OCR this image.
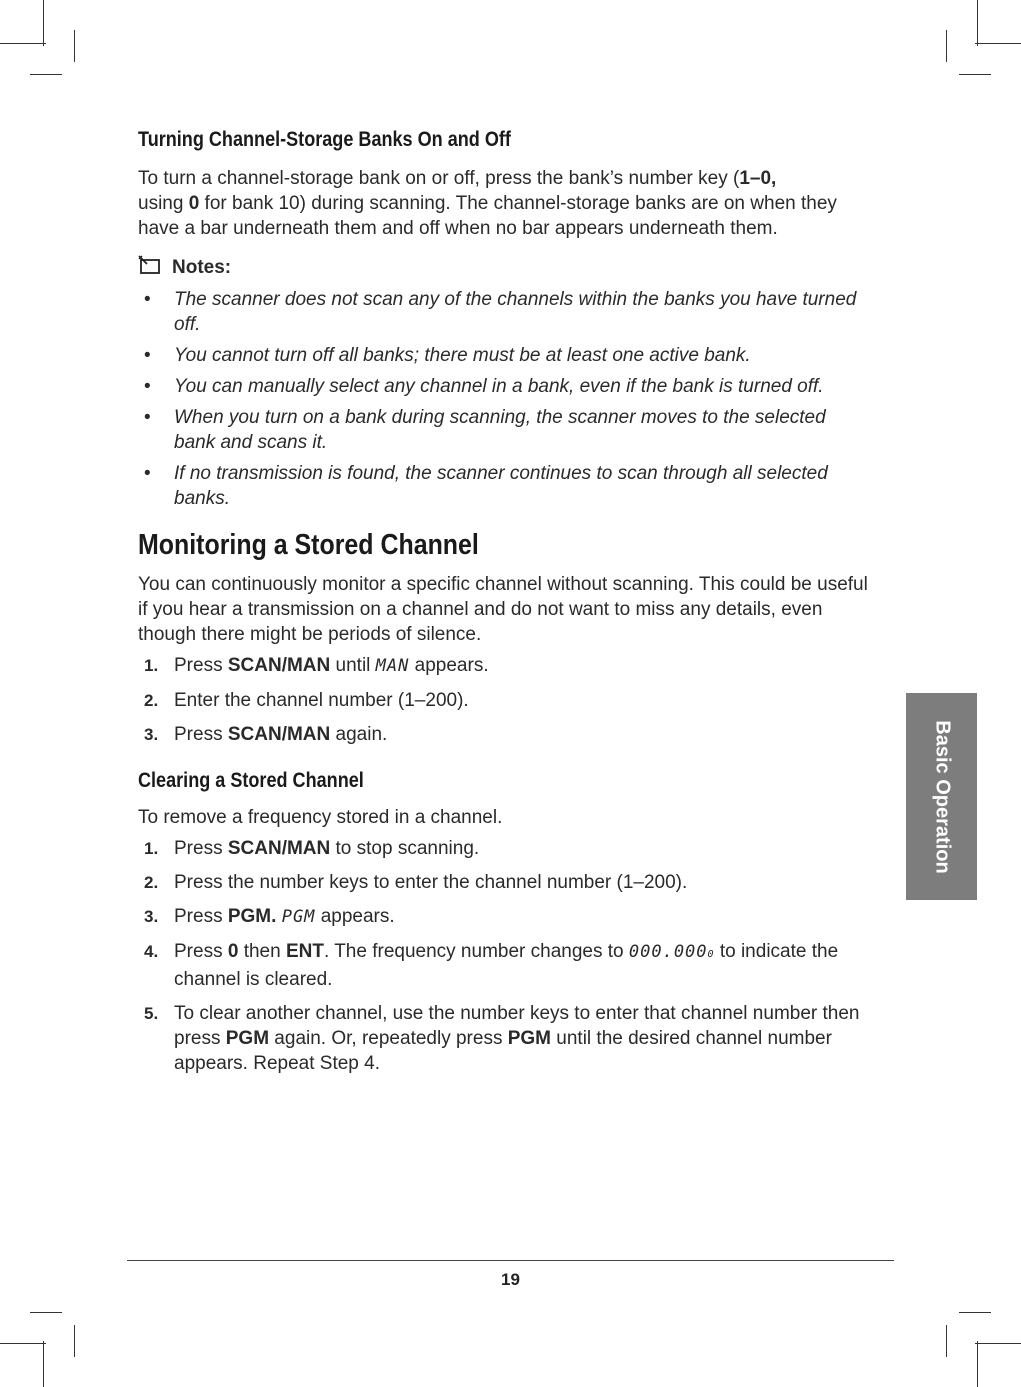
Turning Channel-Storage Banks On and Off

To turn a channel-storage bank on or off, press the bank’s number key (1–0,
using 0 for bank 10) during scanning. The channel-storage banks are on when they have a bar underneath them and off when no bar appears underneath them.

Notes:
• The scanner does not scan any of the channels within the banks you have turned off.
• You cannot turn off all banks; there must be at least one active bank.
• You can manually select any channel in a bank, even if the bank is turned off.
• When you turn on a bank during scanning, the scanner moves to the selected bank and scans it.
• If no transmission is found, the scanner continues to scan through all selected banks.
Monitoring a Stored Channel

You can continuously monitor a specific channel without scanning. This could be useful if you hear a transmission on a channel and do not want to miss any details, even though there might be periods of silence.

1. Press SCAN/MAN until MAN appears.
2. Enter the channel number (1–200).
3. Press SCAN/MAN again.
Clearing a Stored Channel

To remove a frequency stored in a channel.

1. Press SCAN/MAN to stop scanning.
2. Press the number keys to enter the channel number (1–200).
3. Press PGM. PGM appears.
4. Press 0 then ENT. The frequency number changes to 000.0000 to indicate the channel is cleared.
5. To clear another channel, use the number keys to enter that channel number then press PGM again. Or, repeatedly press PGM until the desired channel number appears. Repeat Step 4.
Basic Operation
19
